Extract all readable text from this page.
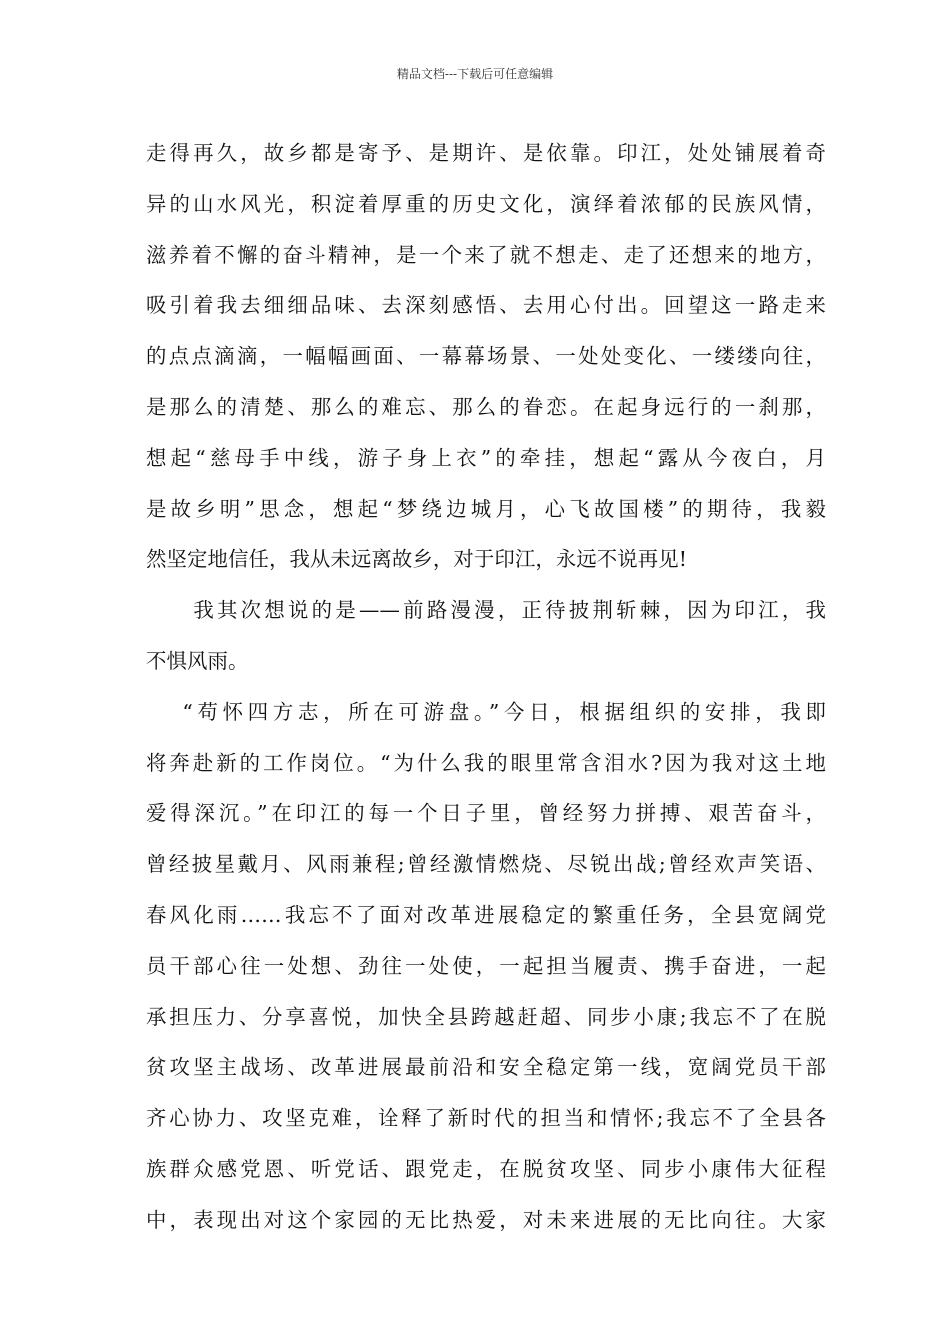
精品文档---下载后可任意编辑
走得再久，故乡都是寄予、是期许、是依靠。印江，处处铺展着奇
异的山水风光，积淀着厚重的历史文化，演绎着浓郁的民族风情，
滋养着不懈的奋斗精神，是一个来了就不想走、走了还想来的地方，
吸引着我去细细品味、去深刻感悟、去用心付出。回望这一路走来
的点点滴滴，一幅幅画面、一幕幕场景、一处处变化、一缕缕向往，
是那么的清楚、那么的难忘、那么的眷恋。在起身远行的一刹那，
想起“慈母手中线，游子身上衣”的牵挂，想起“露从今夜白，月
是故乡明”思念，想起“梦绕边城月，心飞故国楼”的期待，我毅
然坚定地信任，我从未远离故乡，对于印江，永远不说再见!
　　我其次想说的是——前路漫漫，正待披荆斩棘，因为印江，我
不惧风雨。
　 “苟怀四方志，所在可游盘。”今日，根据组织的安排，我即
将奔赴新的工作岗位。“为什么我的眼里常含泪水?因为我对这土地
爱得深沉。”在印江的每一个日子里，曾经努力拼搏、艰苦奋斗，
曾经披星戴月、风雨兼程;曾经激情燃烧、尽锐出战;曾经欢声笑语、
春风化雨……我忘不了面对改革进展稳定的繁重任务，全县宽阔党
员干部心往一处想、劲往一处使，一起担当履责、携手奋进，一起
承担压力、分享喜悦，加快全县跨越赶超、同步小康;我忘不了在脱
贫攻坚主战场、改革进展最前沿和安全稳定第一线，宽阔党员干部
齐心协力、攻坚克难，诠释了新时代的担当和情怀;我忘不了全县各
族群众感党恩、听党话、跟党走，在脱贫攻坚、同步小康伟大征程
中，表现出对这个家园的无比热爱，对未来进展的无比向往。大家
